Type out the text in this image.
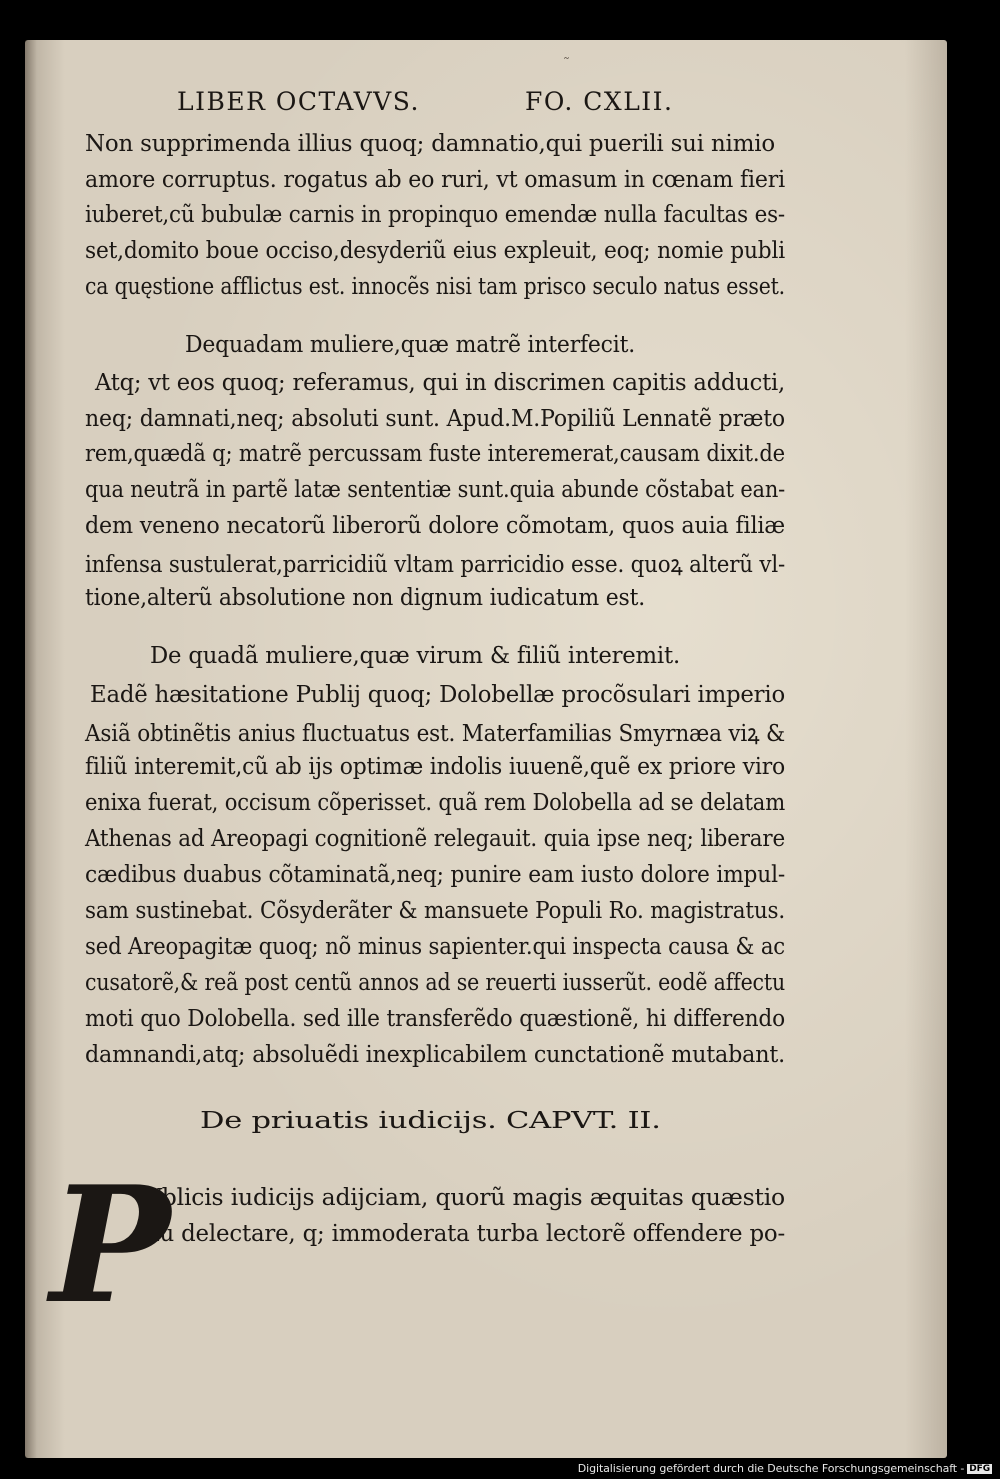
LIBER OCTAVVS.	FO. CXLII.
Non supprimenda illius quoq; damnatio,qui puerili sui nimio
amore corruptus. rogatus ab eo ruri, vt omasum in cœnam fieri
iuberet,cũ bubulæ carnis in propinquo emendæ nulla facultas es-
set,domito boue occiso,desyderiũ eius expleuit, eoq; nomie publi
ca quęstione afflictus est. innocẽs nisi tam prisco seculo natus esset.
Dequadam muliere,quæ matrẽ interfecit.
Atq; vt eos quoq; referamus, qui in discrimen capitis adducti,
neq; damnati,neq; absoluti sunt. Apud.M.Popiliũ Lennatẽ præto
rem,quædã q; matrẽ percussam fuste interemerat,causam dixit.de
qua neutrã in partẽ latæ sententiæ sunt.quia abunde cõstabat ean-
dem veneno necatorũ liberorũ dolore cõmotam, quos auia filiæ
infensa sustulerat,parricidiũ vltam parricidio esse. quoꝝ alterũ vl-
tione,alterũ absolutione non dignum iudicatum est.
De quadã muliere,quæ virum & filiũ interemit.
Eadẽ hæsitatione Publij quoq; Dolobellæ procõsulari imperio
Asiã obtinẽtis anius fluctuatus est. Materfamilias Smyrnæa viꝝ &
filiũ interemit,cũ ab ijs optimæ indolis iuuenẽ,quẽ ex priore viro
enixa fuerat, occisum cõperisset. quã rem Dolobella ad se delatam
Athenas ad Areopagi cognitionẽ relegauit. quia ipse neq; liberare
cædibus duabus cõtaminatã,neq; punire eam iusto dolore impul-
sam sustinebat. Cõsyderãter & mansuete Populi Ro. magistratus.
sed Areopagitæ quoq; nõ minus sapienter.qui inspecta causa & ac
cusatorẽ,& reã post centũ annos ad se reuerti iusserũt. eodẽ affectu
moti quo Dolobella. sed ille transferẽdo quæstionẽ, hi differendo
damnandi,atq; absoluẽdi inexplicabilem cunctationẽ mutabant.
De priuatis iudicijs. CAPVT. II.
Vblicis iudicijs adijciam, quorũ magis æquitas quæstio
nũ delectare, q; immoderata turba lectorẽ offendere po-
P
˜
Digitalisierung gefördert durch die Deutsche Forschungsgemeinschaft - DFG
